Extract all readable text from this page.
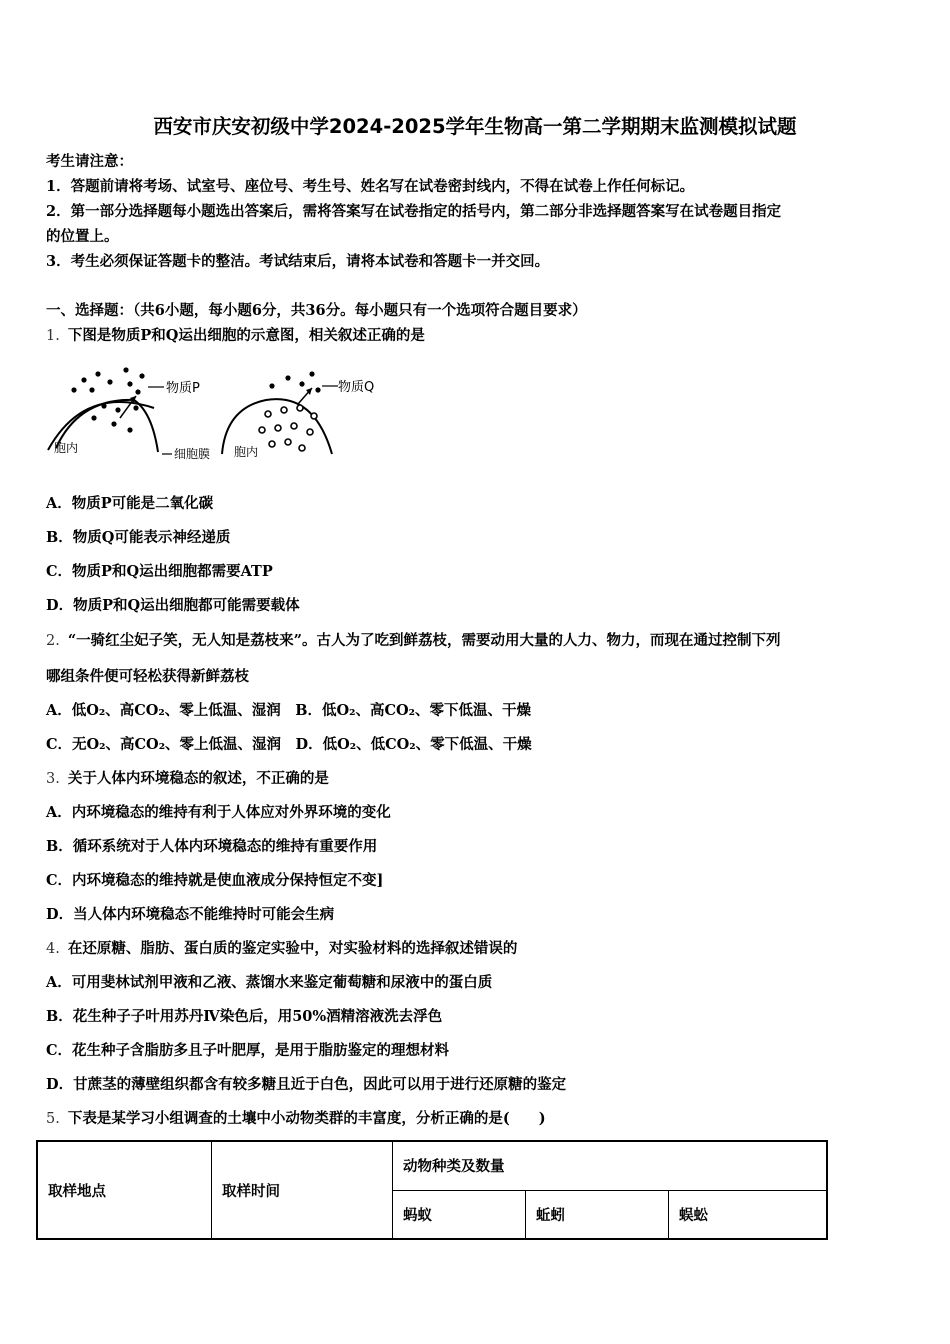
西安市庆安初级中学2024-2025学年生物高一第二学期期末监测模拟试题
考生请注意：
1．答题前请将考场、试室号、座位号、考生号、姓名写在试卷密封线内，不得在试卷上作任何标记。
2．第一部分选择题每小题选出答案后，需将答案写在试卷指定的括号内，第二部分非选择题答案写在试卷题目指定
的位置上。
3．考生必须保证答题卡的整洁。考试结束后，请将本试卷和答题卡一并交回。
一、选择题：（共6小题，每小题6分，共36分。每小题只有一个选项符合题目要求）
1. 下图是物质P和Q运出细胞的示意图，相关叙述正确的是
物质P	物质Q
胞内	细胞膜 胞内
A．物质P可能是二氧化碳
B．物质Q可能表示神经递质
C．物质P和Q运出细胞都需要ATP
D．物质P和Q运出细胞都可能需要载体
2. “一骑红尘妃子笑，无人知是荔枝来”。古人为了吃到鲜荔枝，需要动用大量的人力、物力，而现在通过控制下列
哪组条件便可轻松获得新鲜荔枝
A．低O₂、高CO₂、零上低温、湿润　B．低O₂、高CO₂、零下低温、干燥
C．无O₂、高CO₂、零上低温、湿润　D．低O₂、低CO₂、零下低温、干燥
3. 关于人体内环境稳态的叙述，不正确的是
A．内环境稳态的维持有利于人体应对外界环境的变化
B．循环系统对于人体内环境稳态的维持有重要作用
C．内环境稳态的维持就是使血液成分保持恒定不变]
D．当人体内环境稳态不能维持时可能会生病
4. 在还原糖、脂肪、蛋白质的鉴定实验中，对实验材料的选择叙述错误的
A．可用斐林试剂甲液和乙液、蒸馏水来鉴定葡萄糖和尿液中的蛋白质
B．花生种子子叶用苏丹Ⅳ染色后，用50%酒精溶液洗去浮色
C．花生种子含脂肪多且子叶肥厚，是用于脂肪鉴定的理想材料
D．甘蔗茎的薄壁组织都含有较多糖且近于白色，因此可以用于进行还原糖的鉴定
5. 下表是某学习小组调查的土壤中小动物类群的丰富度，分析正确的是(　　)
取样地点	取样时间	动物种类及数量		
		蚂蚁	蚯蚓	蜈蚣
